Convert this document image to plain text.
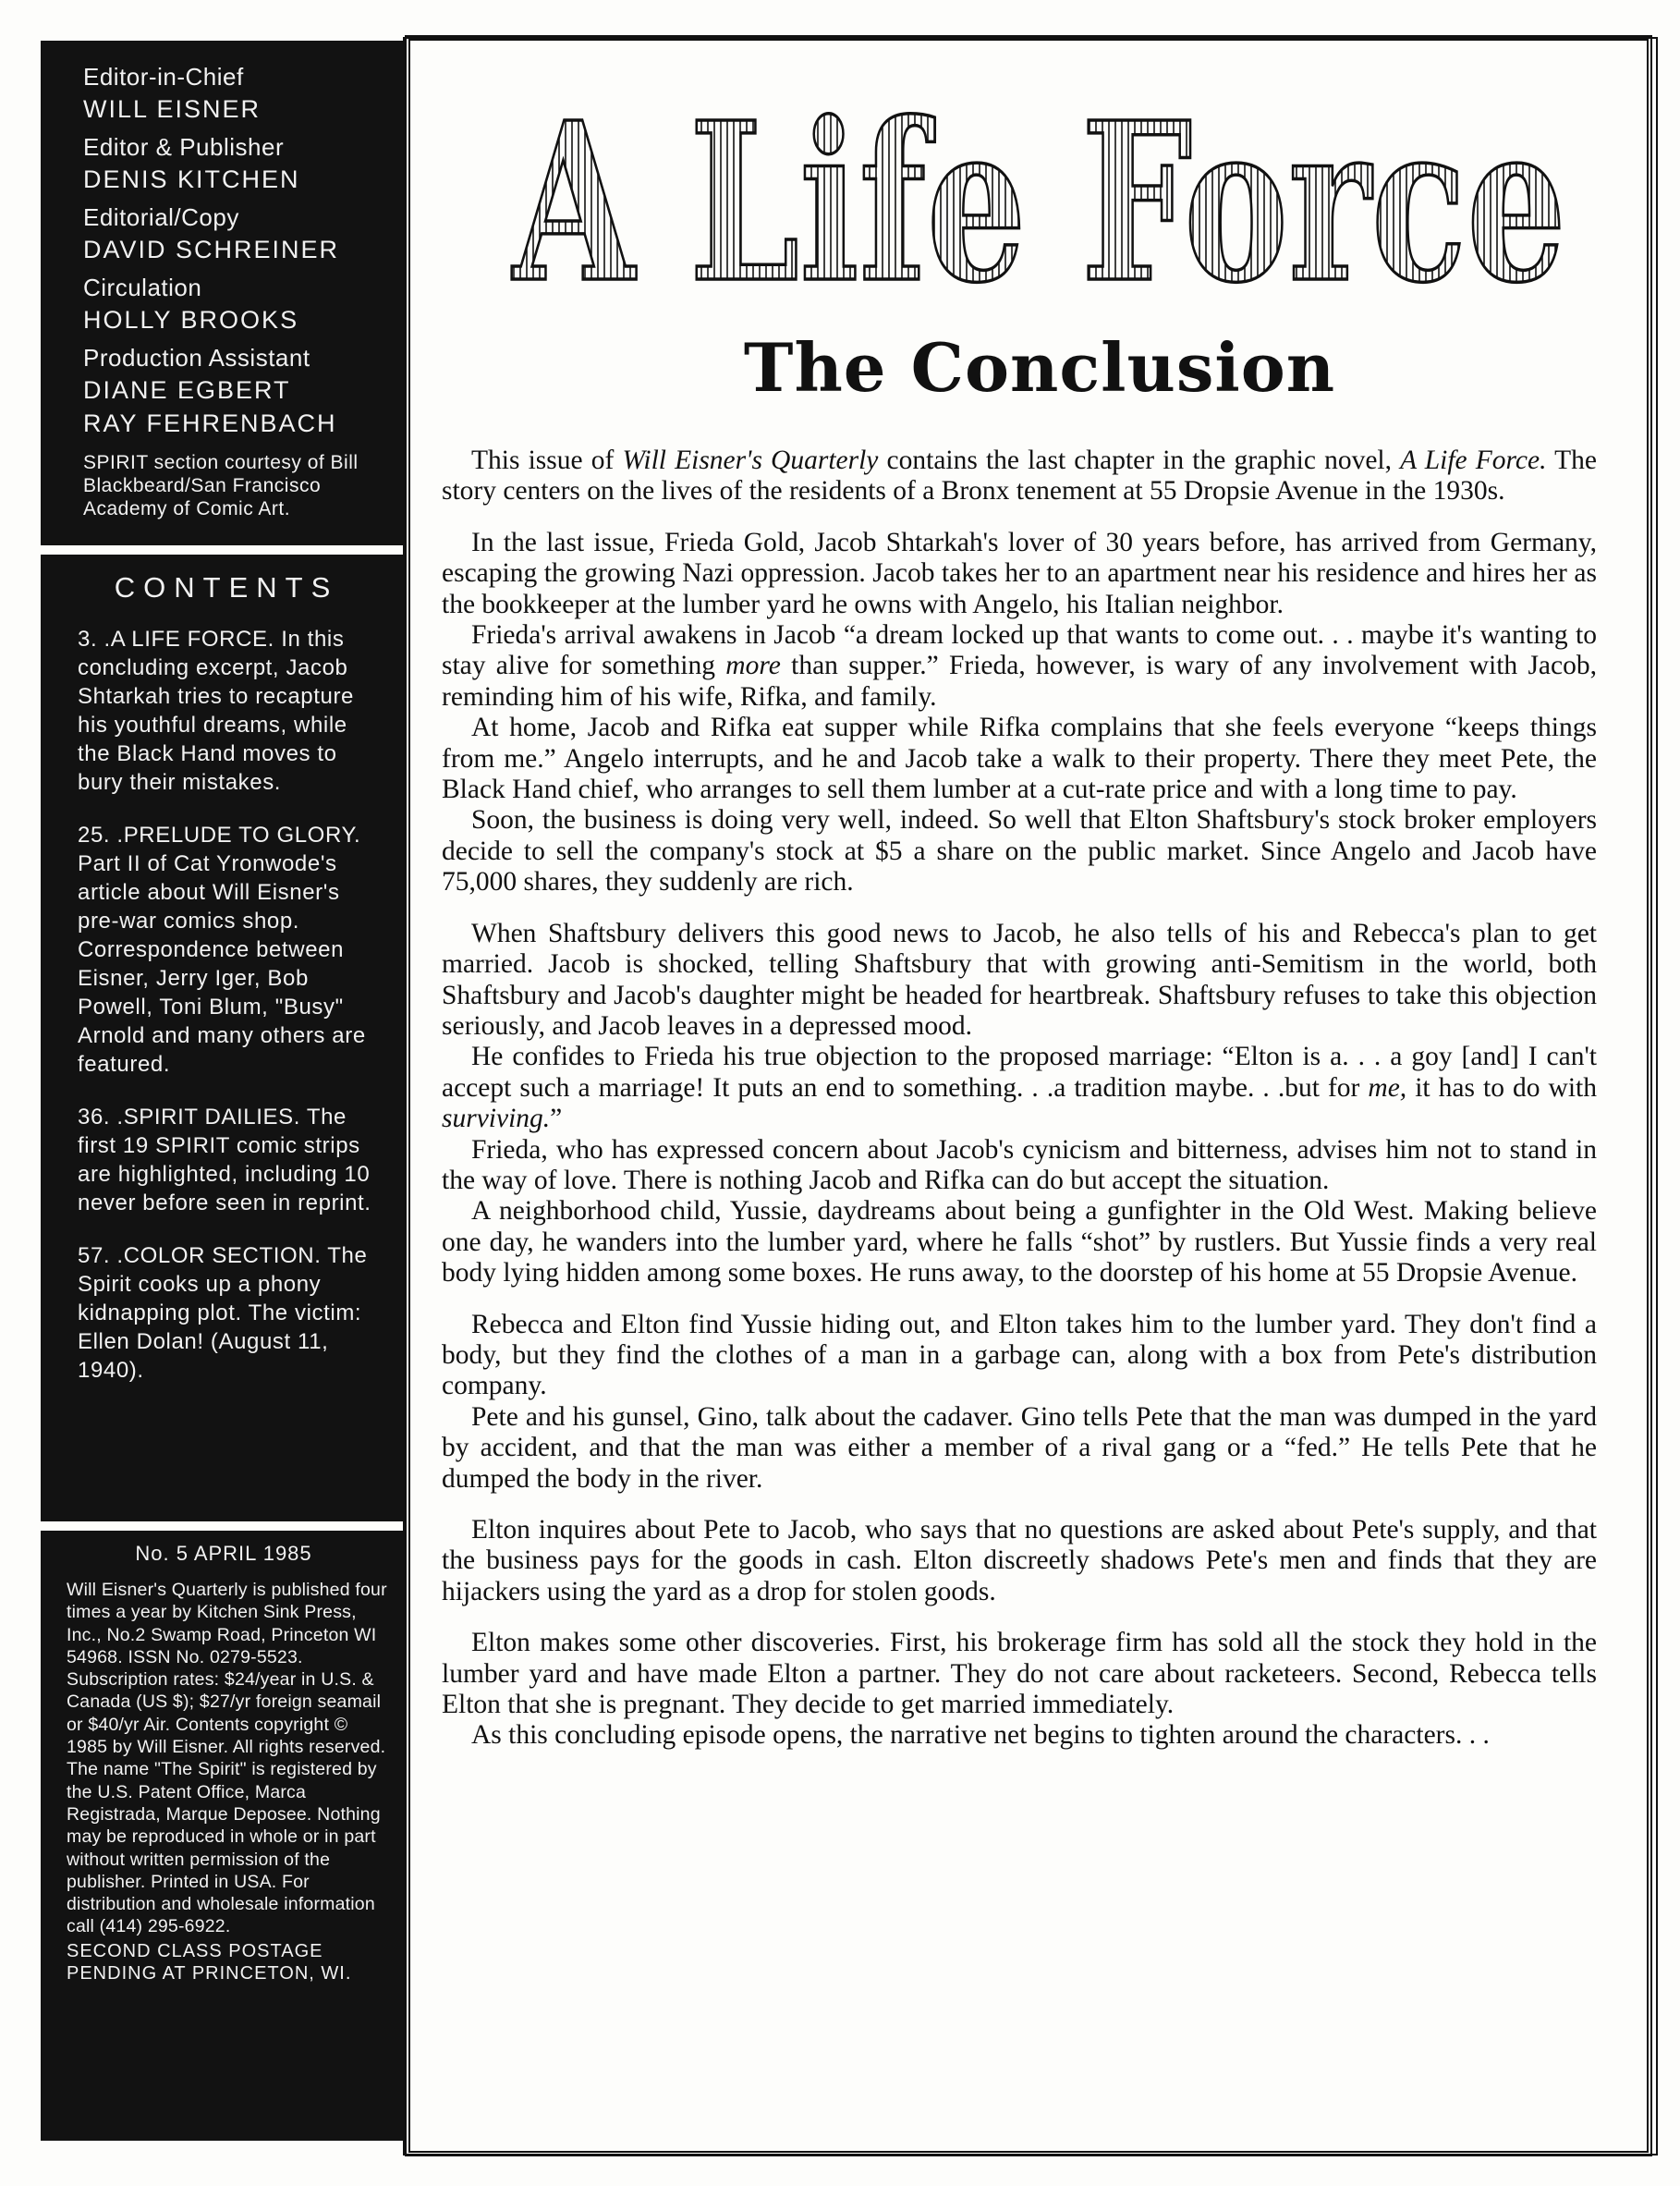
Editor-in-Chief
WILL EISNER
Editor & Publisher
DENIS KITCHEN
Editorial/Copy
DAVID SCHREINER
Circulation
HOLLY BROOKS
Production Assistant
DIANE EGBERT
RAY FEHRENBACH
SPIRIT section courtesy of Bill Blackbeard/San Francisco Academy of Comic Art.
CONTENTS
3. .A LIFE FORCE. In this concluding excerpt, Jacob Shtarkah tries to recapture his youthful dreams, while the Black Hand moves to bury their mistakes.
25. .PRELUDE TO GLORY. Part II of Cat Yronwode's article about Will Eisner's pre-war comics shop. Correspondence between Eisner, Jerry Iger, Bob Powell, Toni Blum, "Busy" Arnold and many others are featured.
36. .SPIRIT DAILIES. The first 19 SPIRIT comic strips are highlighted, including 10 never before seen in reprint.
57. .COLOR SECTION. The Spirit cooks up a phony kidnapping plot. The victim: Ellen Dolan! (August 11, 1940).
No. 5 APRIL 1985
Will Eisner's Quarterly is published four times a year by Kitchen Sink Press, Inc., No.2 Swamp Road, Princeton WI 54968. ISSN No. 0279-5523. Subscription rates: $24/year in U.S. & Canada (US $); $27/yr foreign seamail or $40/yr Air. Contents copyright © 1985 by Will Eisner. All rights reserved. The name "The Spirit" is registered by the U.S. Patent Office, Marca Registrada, Marque Deposee. Nothing may be reproduced in whole or in part without written permission of the publisher. Printed in USA. For distribution and wholesale information call (414) 295-6922.
SECOND CLASS POSTAGE PENDING AT PRINCETON, WI.
A Life Force
The Conclusion

This issue of Will Eisner's Quarterly contains the last chapter in the graphic novel, A Life Force. The story centers on the lives of the residents of a Bronx tenement at 55 Dropsie Avenue in the 1930s.

In the last issue, Frieda Gold, Jacob Shtarkah's lover of 30 years before, has arrived from Germany, escaping the growing Nazi oppression. Jacob takes her to an apartment near his residence and hires her as the bookkeeper at the lumber yard he owns with Angelo, his Italian neighbor.

Frieda's arrival awakens in Jacob “a dream locked up that wants to come out. . . maybe it's wanting to stay alive for something more than supper.” Frieda, however, is wary of any involvement with Jacob, reminding him of his wife, Rifka, and family.

At home, Jacob and Rifka eat supper while Rifka complains that she feels everyone “keeps things from me.” Angelo interrupts, and he and Jacob take a walk to their property. There they meet Pete, the Black Hand chief, who arranges to sell them lumber at a cut-rate price and with a long time to pay.

Soon, the business is doing very well, indeed. So well that Elton Shaftsbury's stock broker employers decide to sell the company's stock at $5 a share on the public market. Since Angelo and Jacob have 75,000 shares, they suddenly are rich.

When Shaftsbury delivers this good news to Jacob, he also tells of his and Rebecca's plan to get married. Jacob is shocked, telling Shaftsbury that with growing anti-Semitism in the world, both Shaftsbury and Jacob's daughter might be headed for heartbreak. Shaftsbury refuses to take this objection seriously, and Jacob leaves in a depressed mood.

He confides to Frieda his true objection to the proposed marriage: “Elton is a. . . a goy [and] I can't accept such a marriage! It puts an end to something. . .a tradition maybe. . .but for me, it has to do with surviving.”

Frieda, who has expressed concern about Jacob's cynicism and bitterness, advises him not to stand in the way of love. There is nothing Jacob and Rifka can do but accept the situation.

A neighborhood child, Yussie, daydreams about being a gunfighter in the Old West. Making believe one day, he wanders into the lumber yard, where he falls “shot” by rustlers. But Yussie finds a very real body lying hidden among some boxes. He runs away, to the doorstep of his home at 55 Dropsie Avenue.

Rebecca and Elton find Yussie hiding out, and Elton takes him to the lumber yard. They don't find a body, but they find the clothes of a man in a garbage can, along with a box from Pete's distribution company.

Pete and his gunsel, Gino, talk about the cadaver. Gino tells Pete that the man was dumped in the yard by accident, and that the man was either a member of a rival gang or a “fed.” He tells Pete that he dumped the body in the river.

Elton inquires about Pete to Jacob, who says that no questions are asked about Pete's supply, and that the business pays for the goods in cash. Elton discreetly shadows Pete's men and finds that they are hijackers using the yard as a drop for stolen goods.

Elton makes some other discoveries. First, his brokerage firm has sold all the stock they hold in the lumber yard and have made Elton a partner. They do not care about racketeers. Second, Rebecca tells Elton that she is pregnant. They decide to get married immediately.

As this concluding episode opens, the narrative net begins to tighten around the characters. . .
